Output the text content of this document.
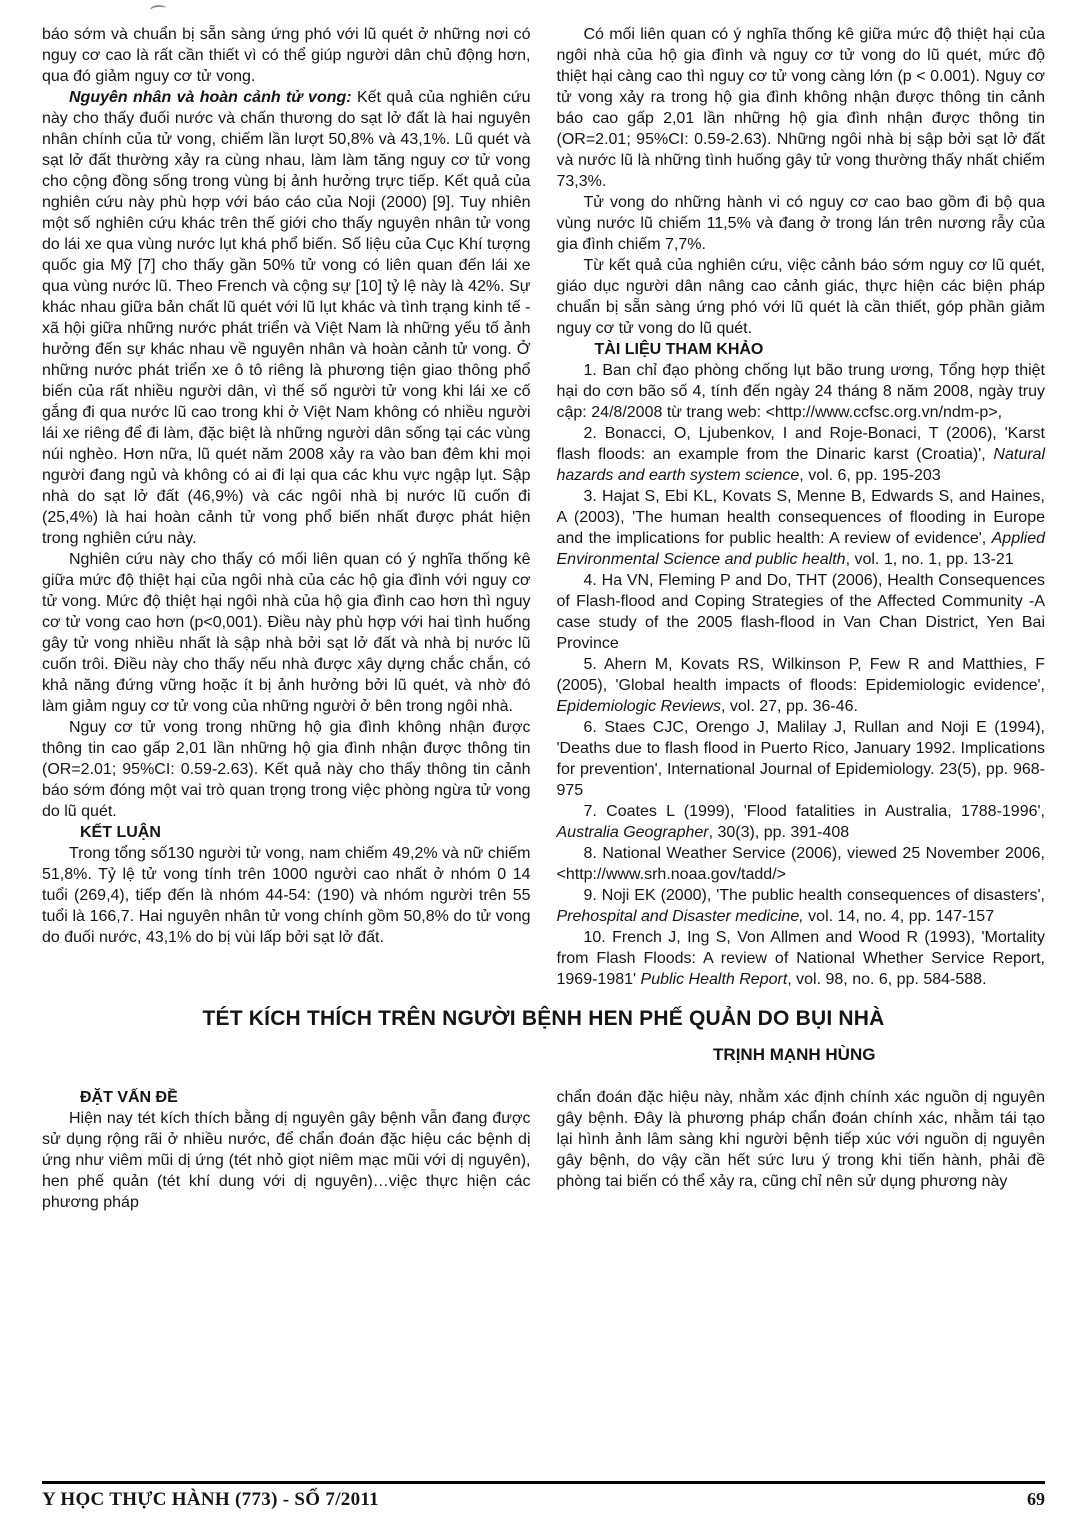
báo sớm và chuẩn bị sẵn sàng ứng phó với lũ quét ở những nơi có nguy cơ cao là rất cần thiết vì có thể giúp người dân chủ động hơn, qua đó giảm nguy cơ tử vong.

Nguyên nhân và hoàn cảnh tử vong: Kết quả của nghiên cứu này cho thấy đuối nước và chấn thương do sạt lở đất là hai nguyên nhân chính của tử vong, chiếm lần lượt 50,8% và 43,1%. Lũ quét và sạt lở đất thường xảy ra cùng nhau, làm làm tăng nguy cơ tử vong cho cộng đồng sống trong vùng bị ảnh hưởng trực tiếp. Kết quả của nghiên cứu này phù hợp với báo cáo của Noji (2000) [9]. Tuy nhiên một số nghiên cứu khác trên thế giới cho thấy nguyên nhân tử vong do lái xe qua vùng nước lụt khá phổ biến. Số liệu của Cục Khí tượng quốc gia Mỹ [7] cho thấy gần 50% tử vong có liên quan đến lái xe qua vùng nước lũ. Theo French và cộng sự [10] tỷ lệ này là 42%. Sự khác nhau giữa bản chất lũ quét với lũ lụt khác và tình trạng kinh tế - xã hội giữa những nước phát triển và Việt Nam là những yếu tố ảnh hưởng đến sự khác nhau về nguyên nhân và hoàn cảnh tử vong. Ở những nước phát triển xe ô tô riêng là phương tiện giao thông phổ biến của rất nhiều người dân, vì thế số người tử vong khi lái xe cố gắng đi qua nước lũ cao trong khi ở Việt Nam không có nhiều người lái xe riêng để đi làm, đặc biệt là những người dân sống tại các vùng núi nghèo. Hơn nữa, lũ quét năm 2008 xảy ra vào ban đêm khi mọi người đang ngủ và không có ai đi lại qua các khu vực ngập lụt. Sập nhà do sạt lở đất (46,9%) và các ngôi nhà bị nước lũ cuốn đi (25,4%) là hai hoàn cảnh tử vong phổ biến nhất được phát hiện trong nghiên cứu này.

Nghiên cứu này cho thấy có mối liên quan có ý nghĩa thống kê giữa mức độ thiệt hại của ngôi nhà của các hộ gia đình với nguy cơ tử vong. Mức độ thiệt hại ngôi nhà của hộ gia đình cao hơn thì nguy cơ tử vong cao hơn (p<0,001). Điều này phù hợp với hai tình huống gây tử vong nhiều nhất là sập nhà bởi sạt lở đất và nhà bị nước lũ cuốn trôi. Điều này cho thấy nếu nhà được xây dựng chắc chắn, có khả năng đứng vững hoặc ít bị ảnh hưởng bởi lũ quét, và nhờ đó làm giảm nguy cơ tử vong của những người ở bên trong ngôi nhà.

Nguy cơ tử vong trong những hộ gia đình không nhận được thông tin cao gấp 2,01 lần những hộ gia đình nhận được thông tin (OR=2.01; 95%CI: 0.59-2.63). Kết quả này cho thấy thông tin cảnh báo sớm đóng một vai trò quan trọng trong việc phòng ngừa tử vong do lũ quét.

KẾT LUẬN

Trong tổng số130 người tử vong, nam chiếm 49,2% và nữ chiếm 51,8%. Tỷ lệ tử vong tính trên 1000 người cao nhất ở nhóm 0 14 tuổi (269,4), tiếp đến là nhóm 44-54: (190) và nhóm người trên 55 tuổi là 166,7. Hai nguyên nhân tử vong chính gồm 50,8% do tử vong do đuối nước, 43,1% do bị vùi lấp bởi sạt lở đất.

Có mối liên quan có ý nghĩa thống kê giữa mức độ thiệt hại của ngôi nhà của hộ gia đình và nguy cơ tử vong do lũ quét, mức độ thiệt hại càng cao thì nguy cơ tử vong càng lớn (p < 0.001). Nguy cơ tử vong xảy ra trong hộ gia đình không nhận được thông tin cảnh báo cao gấp 2,01 lần những hộ gia đình nhận được thông tin (OR=2.01; 95%CI: 0.59-2.63). Những ngôi nhà bị sập bởi sạt lở đất và nước lũ là những tình huống gây tử vong thường thấy nhất chiếm 73,3%.

Tử vong do những hành vi có nguy cơ cao bao gồm đi bộ qua vùng nước lũ chiếm 11,5% và đang ở trong lán trên nương rẫy của gia đình chiếm 7,7%.

Từ kết quả của nghiên cứu, việc cảnh báo sớm nguy cơ lũ quét, giáo dục người dân nâng cao cảnh giác, thực hiện các biện pháp chuẩn bị sẵn sàng ứng phó với lũ quét là cần thiết, góp phần giảm nguy cơ tử vong do lũ quét.

TÀI LIỆU THAM KHẢO

1. Ban chỉ đạo phòng chống lụt bão trung ương, Tổng hợp thiệt hại do cơn bão số 4, tính đến ngày 24 tháng 8 năm 2008, ngày truy cập: 24/8/2008 từ trang web: <http://www.ccfsc.org.vn/ndm-p>,

2. Bonacci, O, Ljubenkov, I and Roje-Bonaci, T (2006), 'Karst flash floods: an example from the Dinaric karst (Croatia)', Natural hazards and earth system science, vol. 6, pp. 195-203

3. Hajat S, Ebi KL, Kovats S, Menne B, Edwards S, and Haines, A (2003), 'The human health consequences of flooding in Europe and the implications for public health: A review of evidence', Applied Environmental Science and public health, vol. 1, no. 1, pp. 13-21

4. Ha VN, Fleming P and Do, THT (2006), Health Consequences of Flash-flood and Coping Strategies of the Affected Community -A case study of the 2005 flash-flood in Van Chan District, Yen Bai Province

5. Ahern M, Kovats RS, Wilkinson P, Few R and Matthies, F (2005), 'Global health impacts of floods: Epidemiologic evidence', Epidemiologic Reviews, vol. 27, pp. 36-46.

6. Staes CJC, Orengo J, Malilay J, Rullan and Noji E (1994), 'Deaths due to flash flood in Puerto Rico, January 1992. Implications for prevention', International Journal of Epidemiology. 23(5), pp. 968-975

7. Coates L (1999), 'Flood fatalities in Australia, 1788-1996', Australia Geographer, 30(3), pp. 391-408

8. National Weather Service (2006), viewed 25 November 2006, <http://www.srh.noaa.gov/tadd/>

9. Noji EK (2000), 'The public health consequences of disasters', Prehospital and Disaster medicine, vol. 14, no. 4, pp. 147-157

10. French J, Ing S, Von Allmen and Wood R (1993), 'Mortality from Flash Floods: A review of National Whether Service Report, 1969-1981' Public Health Report, vol. 98, no. 6, pp. 584-588.

TÉT KÍCH THÍCH TRÊN NGƯỜI BỆNH HEN PHẾ QUẢN DO BỤI NHÀ
TRỊNH MẠNH HÙNG

ĐẶT VẤN ĐỀ

Hiện nay tét kích thích bằng dị nguyên gây bệnh vẫn đang được sử dụng rộng rãi ở nhiều nước, để chẩn đoán đặc hiệu các bệnh dị ứng như viêm mũi dị ứng (tét nhỏ giọt niêm mạc mũi với dị nguyên), hen phế quản (tét khí dung với dị nguyên)…việc thực hiện các phương pháp

chẩn đoán đặc hiệu này, nhằm xác định chính xác nguồn dị nguyên gây bệnh. Đây là phương pháp chẩn đoán chính xác, nhằm tái tạo lại hình ảnh lâm sàng khi người bệnh tiếp xúc với nguồn dị nguyên gây bệnh, do vậy cần hết sức lưu ý trong khi tiến hành, phải đề phòng tai biến có thể xảy ra, cũng chỉ nên sử dụng phương này

Y HỌC THỰC HÀNH (773) - SỐ 7/2011	69
